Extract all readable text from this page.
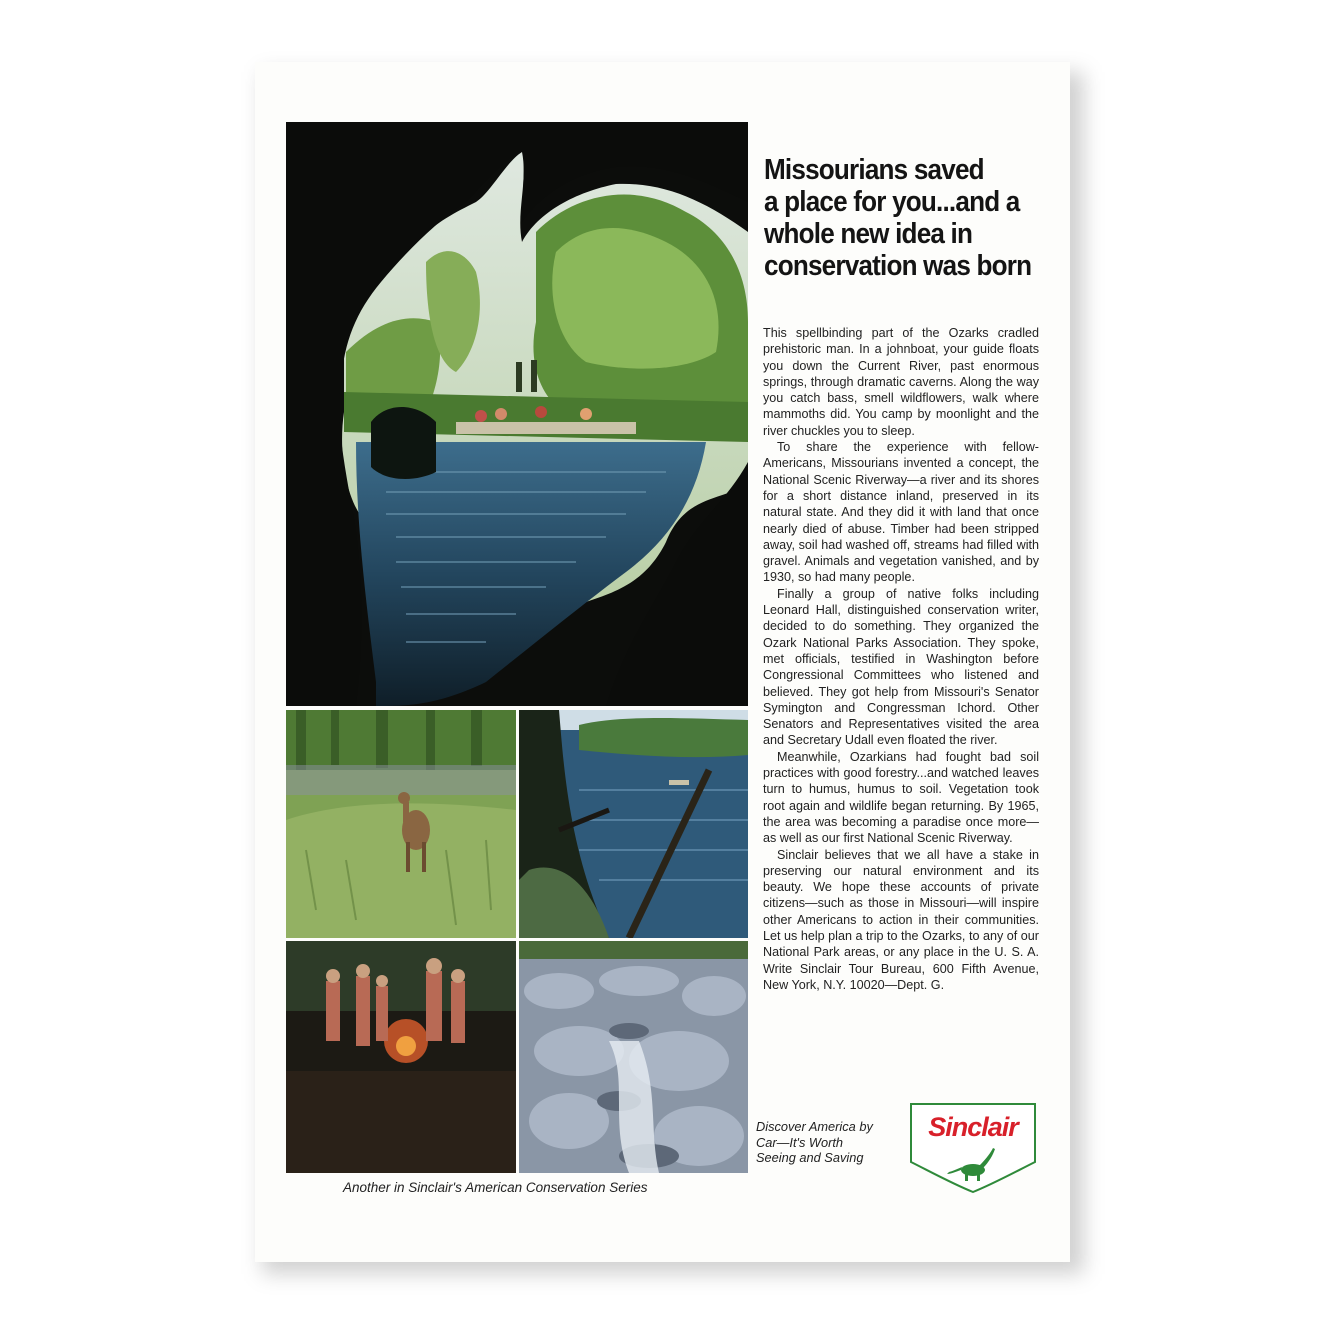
Missourians saved
a place for you...and a
whole new idea in
conservation was born

This spellbinding part of the Ozarks cradled prehistoric man. In a johnboat, your guide floats you down the Current River, past enormous springs, through dramatic caverns. Along the way you catch bass, smell wildflowers, walk where mammoths did. You camp by moonlight and the river chuckles you to sleep.

To share the experience with fellow-Americans, Missourians invented a concept, the National Scenic Riverway—a river and its shores for a short distance inland, preserved in its natural state. And they did it with land that once nearly died of abuse. Timber had been stripped away, soil had washed off, streams had filled with gravel. Animals and vegetation vanished, and by 1930, so had many people.

Finally a group of native folks including Leonard Hall, distinguished conservation writer, decided to do something. They organized the Ozark National Parks Association. They spoke, met officials, testified in Washington before Congressional Committees who listened and believed. They got help from Missouri's Senator Symington and Congressman Ichord. Other Senators and Representatives visited the area and Secretary Udall even floated the river.

Meanwhile, Ozarkians had fought bad soil practices with good forestry...and watched leaves turn to humus, humus to soil. Vegetation took root again and wildlife began returning. By 1965, the area was becoming a paradise once more—as well as our first National Scenic Riverway.

Sinclair believes that we all have a stake in preserving our natural environment and its beauty. We hope these accounts of private citizens—such as those in Missouri—will inspire other Americans to action in their communities. Let us help plan a trip to the Ozarks, to any of our National Park areas, or any place in the U. S. A. Write Sinclair Tour Bureau, 600 Fifth Avenue, New York, N.Y. 10020—Dept. G.

Another in Sinclair's American Conservation Series
Discover America by
Car—It's Worth
Seeing and Saving
Sinclair
